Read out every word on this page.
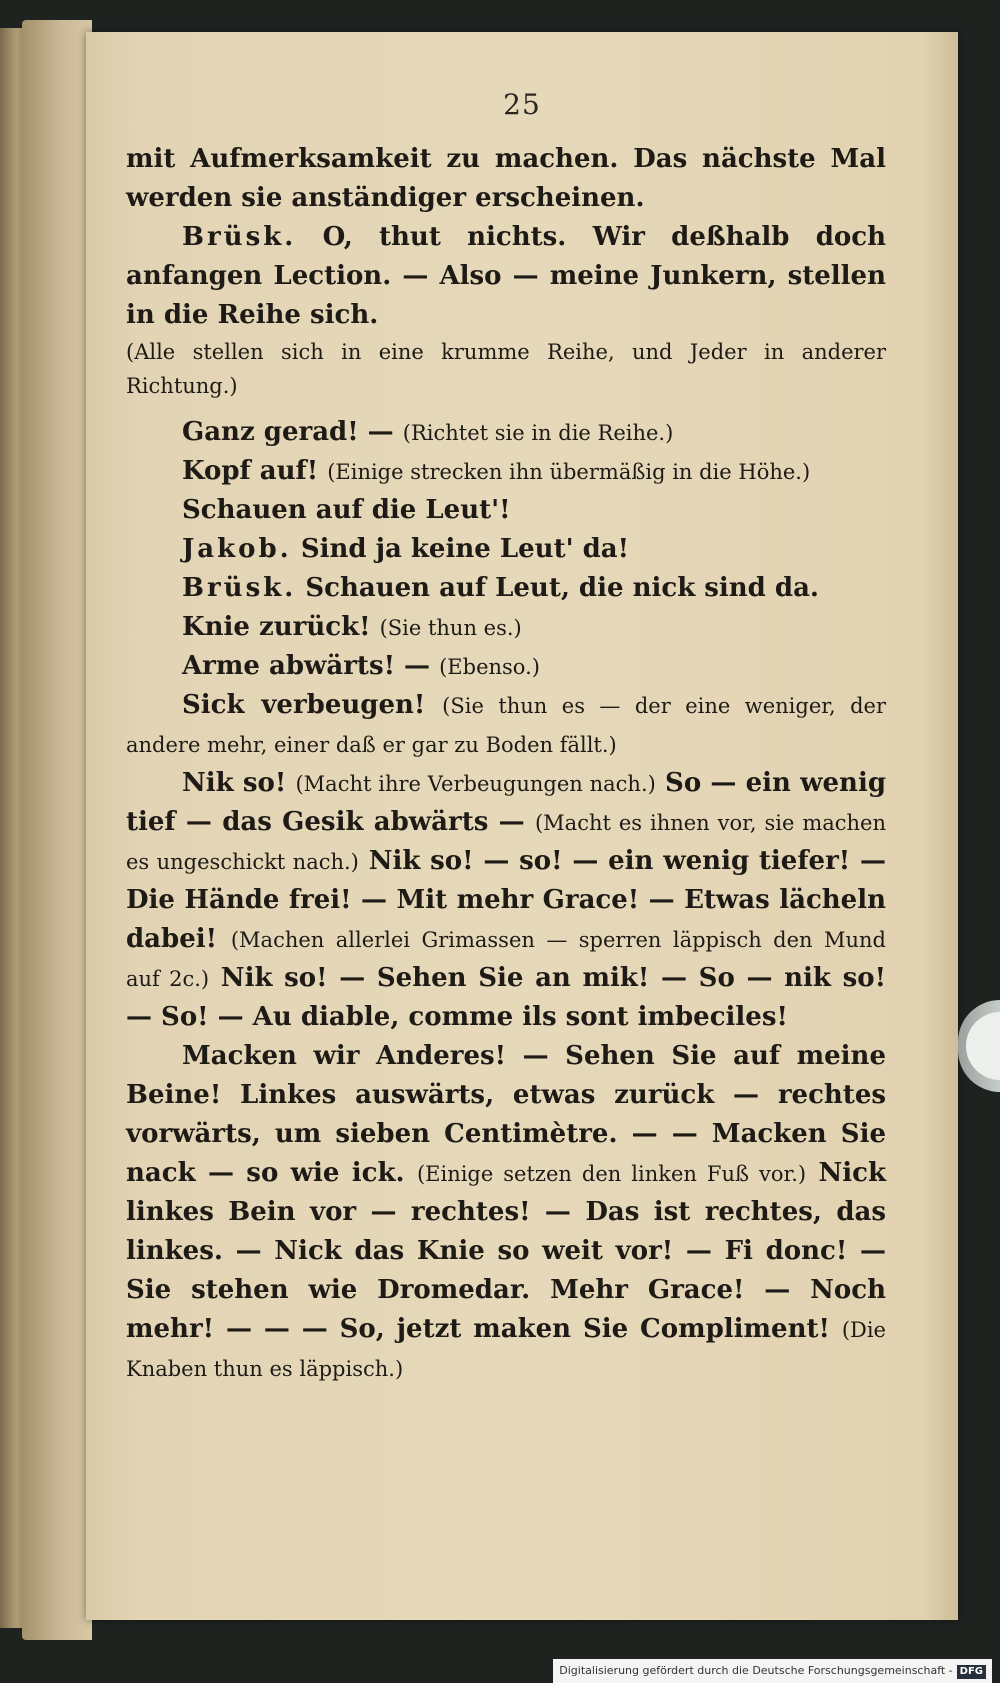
25

mit Aufmerksamkeit zu machen. Das nächste Mal werden sie anständiger erscheinen.

Brüsk. O, thut nichts. Wir deßhalb doch anfangen Lection. — Also — meine Junkern, stellen in die Reihe sich.

(Alle stellen sich in eine krumme Reihe, und Jeder in anderer Richtung.)

Ganz gerad! — (Richtet sie in die Reihe.)

Kopf auf! (Einige strecken ihn übermäßig in die Höhe.)

Schauen auf die Leut'!

Jakob. Sind ja keine Leut' da!

Brüsk. Schauen auf Leut, die nick sind da.

Knie zurück! (Sie thun es.)

Arme abwärts! — (Ebenso.)

Sick verbeugen! (Sie thun es — der eine weniger, der andere mehr, einer daß er gar zu Boden fällt.)

Nik so! (Macht ihre Verbeugungen nach.) So — ein wenig tief — das Gesik abwärts — (Macht es ihnen vor, sie machen es ungeschickt nach.) Nik so! — so! — ein wenig tiefer! — Die Hände frei! — Mit mehr Grace! — Etwas lächeln dabei! (Machen allerlei Grimassen — sperren läppisch den Mund auf 2c.) Nik so! — Sehen Sie an mik! — So — nik so! — So! — Au diable, comme ils sont imbeciles!

Macken wir Anderes! — Sehen Sie auf meine Beine! Linkes auswärts, etwas zurück — rechtes vorwärts, um sieben Centimètre. — — Macken Sie nack — so wie ick. (Einige setzen den linken Fuß vor.) Nick linkes Bein vor — rechtes! — Das ist rechtes, das linkes. — Nick das Knie so weit vor! — Fi donc! — Sie stehen wie Dromedar. Mehr Grace! — Noch mehr! — — — So, jetzt maken Sie Compliment! (Die Knaben thun es läppisch.)

Digitalisierung gefördert durch die Deutsche Forschungsgemeinschaft - DFG
